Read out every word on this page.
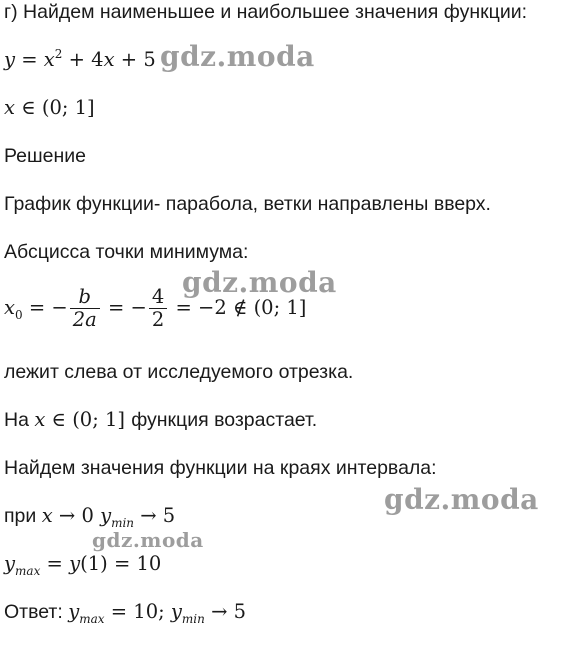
г) Найдем наименьшее и наибольшее значения функции:
$y = x^2 + 4x + 5$
x ∈ (0; 1]
Решение
График функции- парабола, ветки направлены вверх.
Абсцисса точки минимума:
$x_0$ = − $\frac{b}{2a}$ = − $\frac{4}{2} = -2$ ∉ (0; 1]
лежит слева от исследуемого отрезка.
На x ∈ (0; 1] функция возрастает.
Найдем значения функции на краях интервала:
при x → 0 $y_{min} \to 5$
$y_{max} = y(1) = 10$
Ответ: $y_{max} = 10$; $y_{min} \to 5$
gdz.moda
gdz.moda
gdz.moda
gdz.moda
